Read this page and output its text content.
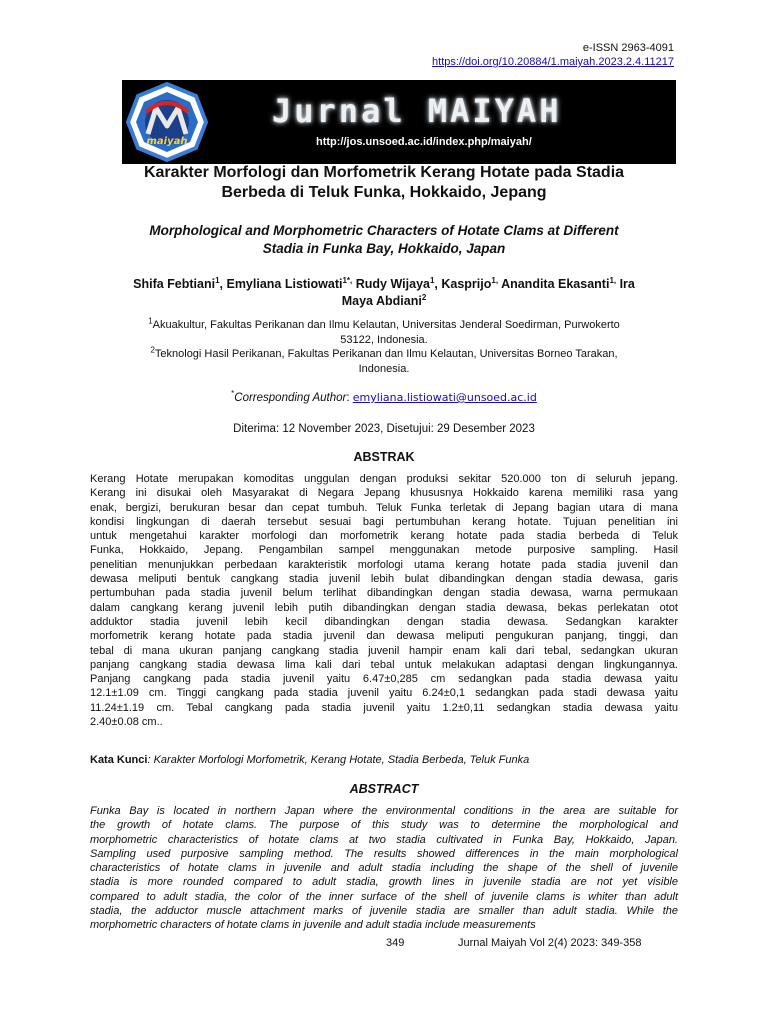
e-ISSN 2963-4091
https://doi.org/10.20884/1.maiyah.2023.2.4.11217
maiyah
Jurnal MAIYAH
http://jos.unsoed.ac.id/index.php/maiyah/
Karakter Morfologi dan Morfometrik Kerang Hotate pada Stadia
Berbeda di Teluk Funka, Hokkaido, Jepang
Morphological and Morphometric Characters of Hotate Clams at Different
Stadia in Funka Bay, Hokkaido, Japan
Shifa Febtiani$^1$, Emyliana Listiowati$^{1*,}$ Rudy Wijaya$^1$, Kasprijo$^{1,}$ Anandita Ekasanti$^{1,}$ Ira
Maya Abdiani$^2$
$^1$Akuakultur, Fakultas Perikanan dan Ilmu Kelautan, Universitas Jenderal Soedirman, Purwokerto
53122, Indonesia.
$^2$Teknologi Hasil Perikanan, Fakultas Perikanan dan Ilmu Kelautan, Universitas Borneo Tarakan,
Indonesia.
*Corresponding Author: emyliana.listiowati@unsoed.ac.id
Diterima: 12 November 2023, Disetujui: 29 Desember 2023
ABSTRAK
Kerang Hotate merupakan komoditas unggulan dengan produksi sekitar 520.000 ton di seluruh jepang.
Kerang ini disukai oleh Masyarakat di Negara Jepang khususnya Hokkaido karena memiliki rasa yang
enak, bergizi, berukuran besar dan cepat tumbuh. Teluk Funka terletak di Jepang bagian utara di mana
kondisi lingkungan di daerah tersebut sesuai bagi pertumbuhan kerang hotate. Tujuan penelitian ini
untuk mengetahui karakter morfologi dan morfometrik kerang hotate pada stadia berbeda di Teluk
Funka, Hokkaido, Jepang. Pengambilan sampel menggunakan metode purposive sampling. Hasil
penelitian menunjukkan perbedaan karakteristik morfologi utama kerang hotate pada stadia juvenil dan
dewasa meliputi bentuk cangkang stadia juvenil lebih bulat dibandingkan dengan stadia dewasa, garis
pertumbuhan pada stadia juvenil belum terlihat dibandingkan dengan stadia dewasa, warna permukaan
dalam cangkang kerang juvenil lebih putih dibandingkan dengan stadia dewasa, bekas perlekatan otot
adduktor stadia juvenil lebih kecil dibandingkan dengan stadia dewasa. Sedangkan karakter
morfometrik kerang hotate pada stadia juvenil dan dewasa meliputi pengukuran panjang, tinggi, dan
tebal di mana ukuran panjang cangkang stadia juvenil hampir enam kali dari tebal, sedangkan ukuran
panjang cangkang stadia dewasa lima kali dari tebal untuk melakukan adaptasi dengan lingkungannya.
Panjang cangkang pada stadia juvenil yaitu 6.47±0,285 cm sedangkan pada stadia dewasa yaitu
12.1±1.09 cm. Tinggi cangkang pada stadia juvenil yaitu 6.24±0,1 sedangkan pada stadi dewasa yaitu
11.24±1.19 cm. Tebal cangkang pada stadia juvenil yaitu 1.2±0,11 sedangkan stadia dewasa yaitu
2.40±0.08 cm..
Kata Kunci: Karakter Morfologi Morfometrik, Kerang Hotate, Stadia Berbeda, Teluk Funka
ABSTRACT
Funka Bay is located in northern Japan where the environmental conditions in the area are suitable for
the growth of hotate clams. The purpose of this study was to determine the morphological and
morphometric characteristics of hotate clams at two stadia cultivated in Funka Bay, Hokkaido, Japan.
Sampling used purposive sampling method. The results showed differences in the main morphological
characteristics of hotate clams in juvenile and adult stadia including the shape of the shell of juvenile
stadia is more rounded compared to adult stadia, growth lines in juvenile stadia are not yet visible
compared to adult stadia, the color of the inner surface of the shell of juvenile clams is whiter than adult
stadia, the adductor muscle attachment marks of juvenile stadia are smaller than adult stadia. While the
morphometric characters of hotate clams in juvenile and adult stadia include measurements
349	Jurnal Maiyah Vol 2(4) 2023: 349-358
